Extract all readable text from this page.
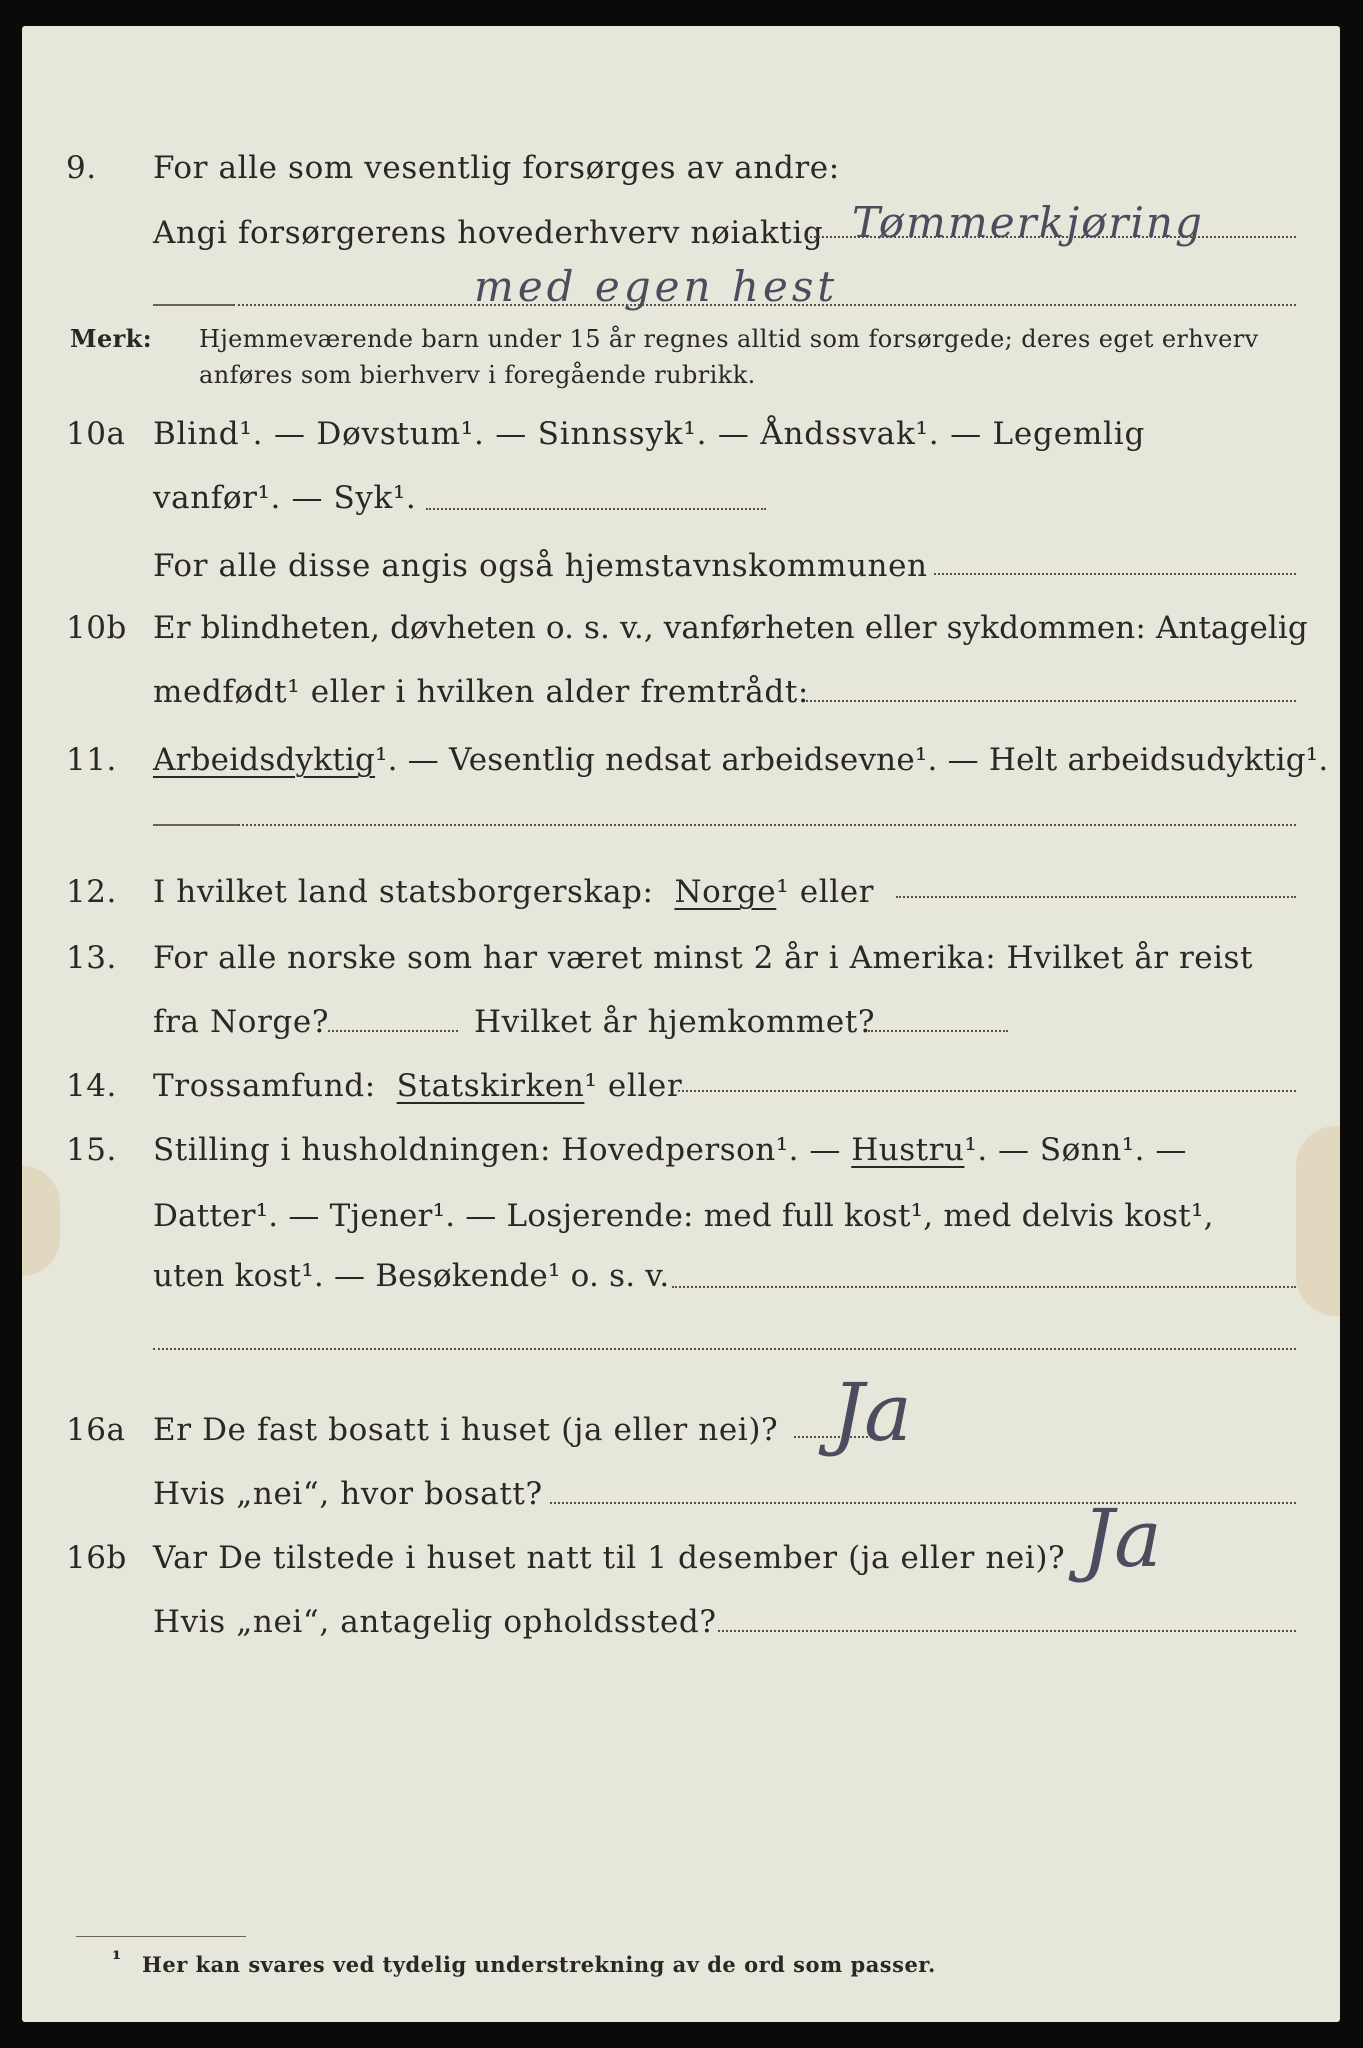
9. For alle som vesentlig forsørges av andre:
Angi forsørgerens hovederhverv nøiaktig Tømmerkjøring
med egen hest
Merk: Hjemmeværende barn under 15 år regnes alltid som forsørgede; deres eget erhverv
anføres som bierhverv i foregående rubrikk.
10a Blind¹. — Døvstum¹. — Sinnssyk¹. — Åndssvak¹. — Legemlig
vanfør¹. — Syk¹.
For alle disse angis også hjemstavnskommunen
10b Er blindheten, døvheten o. s. v., vanførheten eller sykdommen: Antagelig
medfødt¹ eller i hvilken alder fremtrådt:
11. Arbeidsdyktig¹. — Vesentlig nedsat arbeidsevne¹. — Helt arbeidsudyktig¹.
12. I hvilket land statsborgerskap: Norge¹ eller
13. For alle norske som har været minst 2 år i Amerika: Hvilket år reist
fra Norge?	Hvilket år hjemkommet?
14. Trossamfund: Statskirken¹ eller
15. Stilling i husholdningen: Hovedperson¹. — Hustru¹. — Sønn¹. —
Datter¹. — Tjener¹. — Losjerende: med full kost¹, med delvis kost¹,
uten kost¹. — Besøkende¹ o. s. v.
16a Er De fast bosatt i huset (ja eller nei)? Ja
Hvis „nei“, hvor bosatt?
16b Var De tilstede i huset natt til 1 desember (ja eller nei)? Ja
Hvis „nei“, antagelig opholdssted?
¹ Her kan svares ved tydelig understrekning av de ord som passer.
